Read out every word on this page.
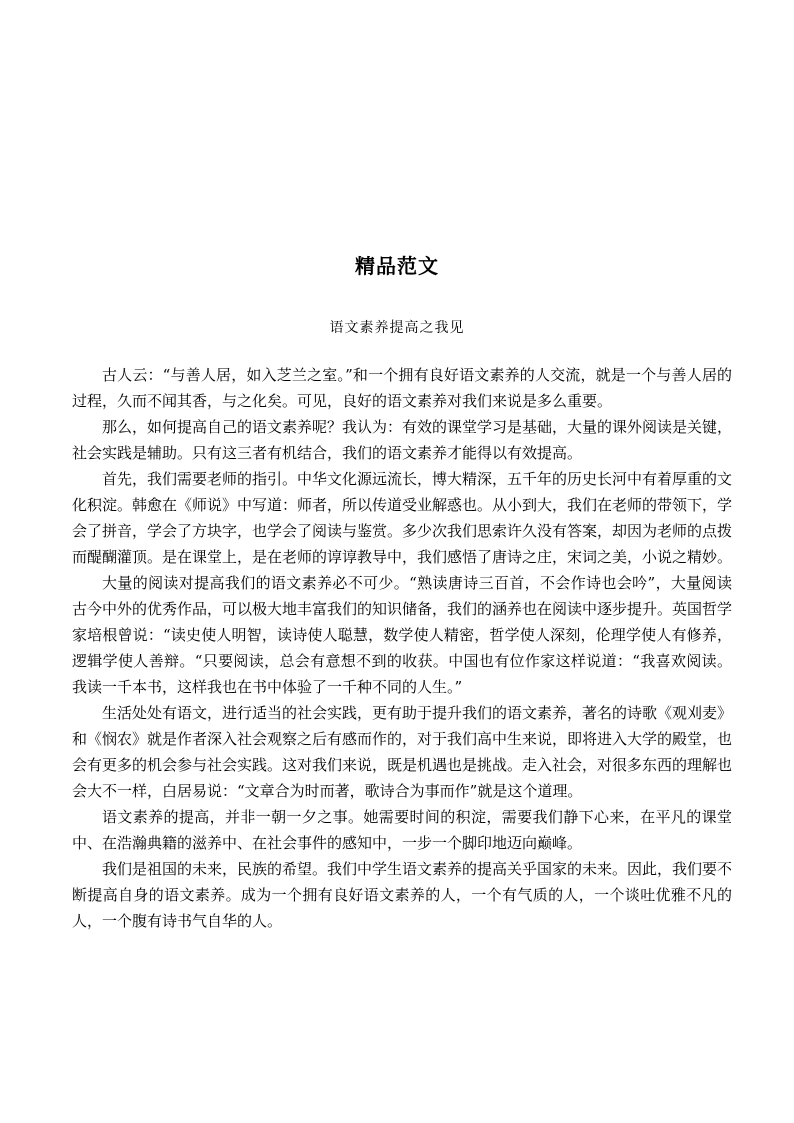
精品范文
语文素养提高之我见

古人云：“与善人居，如入芝兰之室。”和一个拥有良好语文素养的人交流，就是一个与善人居的过程，久而不闻其香，与之化矣。可见，良好的语文素养对我们来说是多么重要。

那么，如何提高自己的语文素养呢？我认为：有效的课堂学习是基础，大量的课外阅读是关键，社会实践是辅助。只有这三者有机结合，我们的语文素养才能得以有效提高。

首先，我们需要老师的指引。中华文化源远流长，博大精深，五千年的历史长河中有着厚重的文化积淀。韩愈在《师说》中写道：师者，所以传道受业解惑也。从小到大，我们在老师的带领下，学会了拼音，学会了方块字，也学会了阅读与鉴赏。多少次我们思索许久没有答案，却因为老师的点拨而醍醐灌顶。是在课堂上，是在老师的谆谆教导中，我们感悟了唐诗之庄，宋词之美，小说之精妙。

大量的阅读对提高我们的语文素养必不可少。“熟读唐诗三百首，不会作诗也会吟”，大量阅读古今中外的优秀作品，可以极大地丰富我们的知识储备，我们的涵养也在阅读中逐步提升。英国哲学家培根曾说：“读史使人明智，读诗使人聪慧，数学使人精密，哲学使人深刻，伦理学使人有修养，逻辑学使人善辩。“只要阅读，总会有意想不到的收获。中国也有位作家这样说道：“我喜欢阅读。我读一千本书，这样我也在书中体验了一千种不同的人生。”

生活处处有语文，进行适当的社会实践，更有助于提升我们的语文素养，著名的诗歌《观刈麦》和《悯农》就是作者深入社会观察之后有感而作的，对于我们高中生来说，即将进入大学的殿堂，也会有更多的机会参与社会实践。这对我们来说，既是机遇也是挑战。走入社会，对很多东西的理解也会大不一样，白居易说：“文章合为时而著，歌诗合为事而作”就是这个道理。

语文素养的提高，并非一朝一夕之事。她需要时间的积淀，需要我们静下心来，在平凡的课堂中、在浩瀚典籍的滋养中、在社会事件的感知中，一步一个脚印地迈向巅峰。

我们是祖国的未来，民族的希望。我们中学生语文素养的提高关乎国家的未来。因此，我们要不断提高自身的语文素养。成为一个拥有良好语文素养的人，一个有气质的人，一个谈吐优雅不凡的人，一个腹有诗书气自华的人。
